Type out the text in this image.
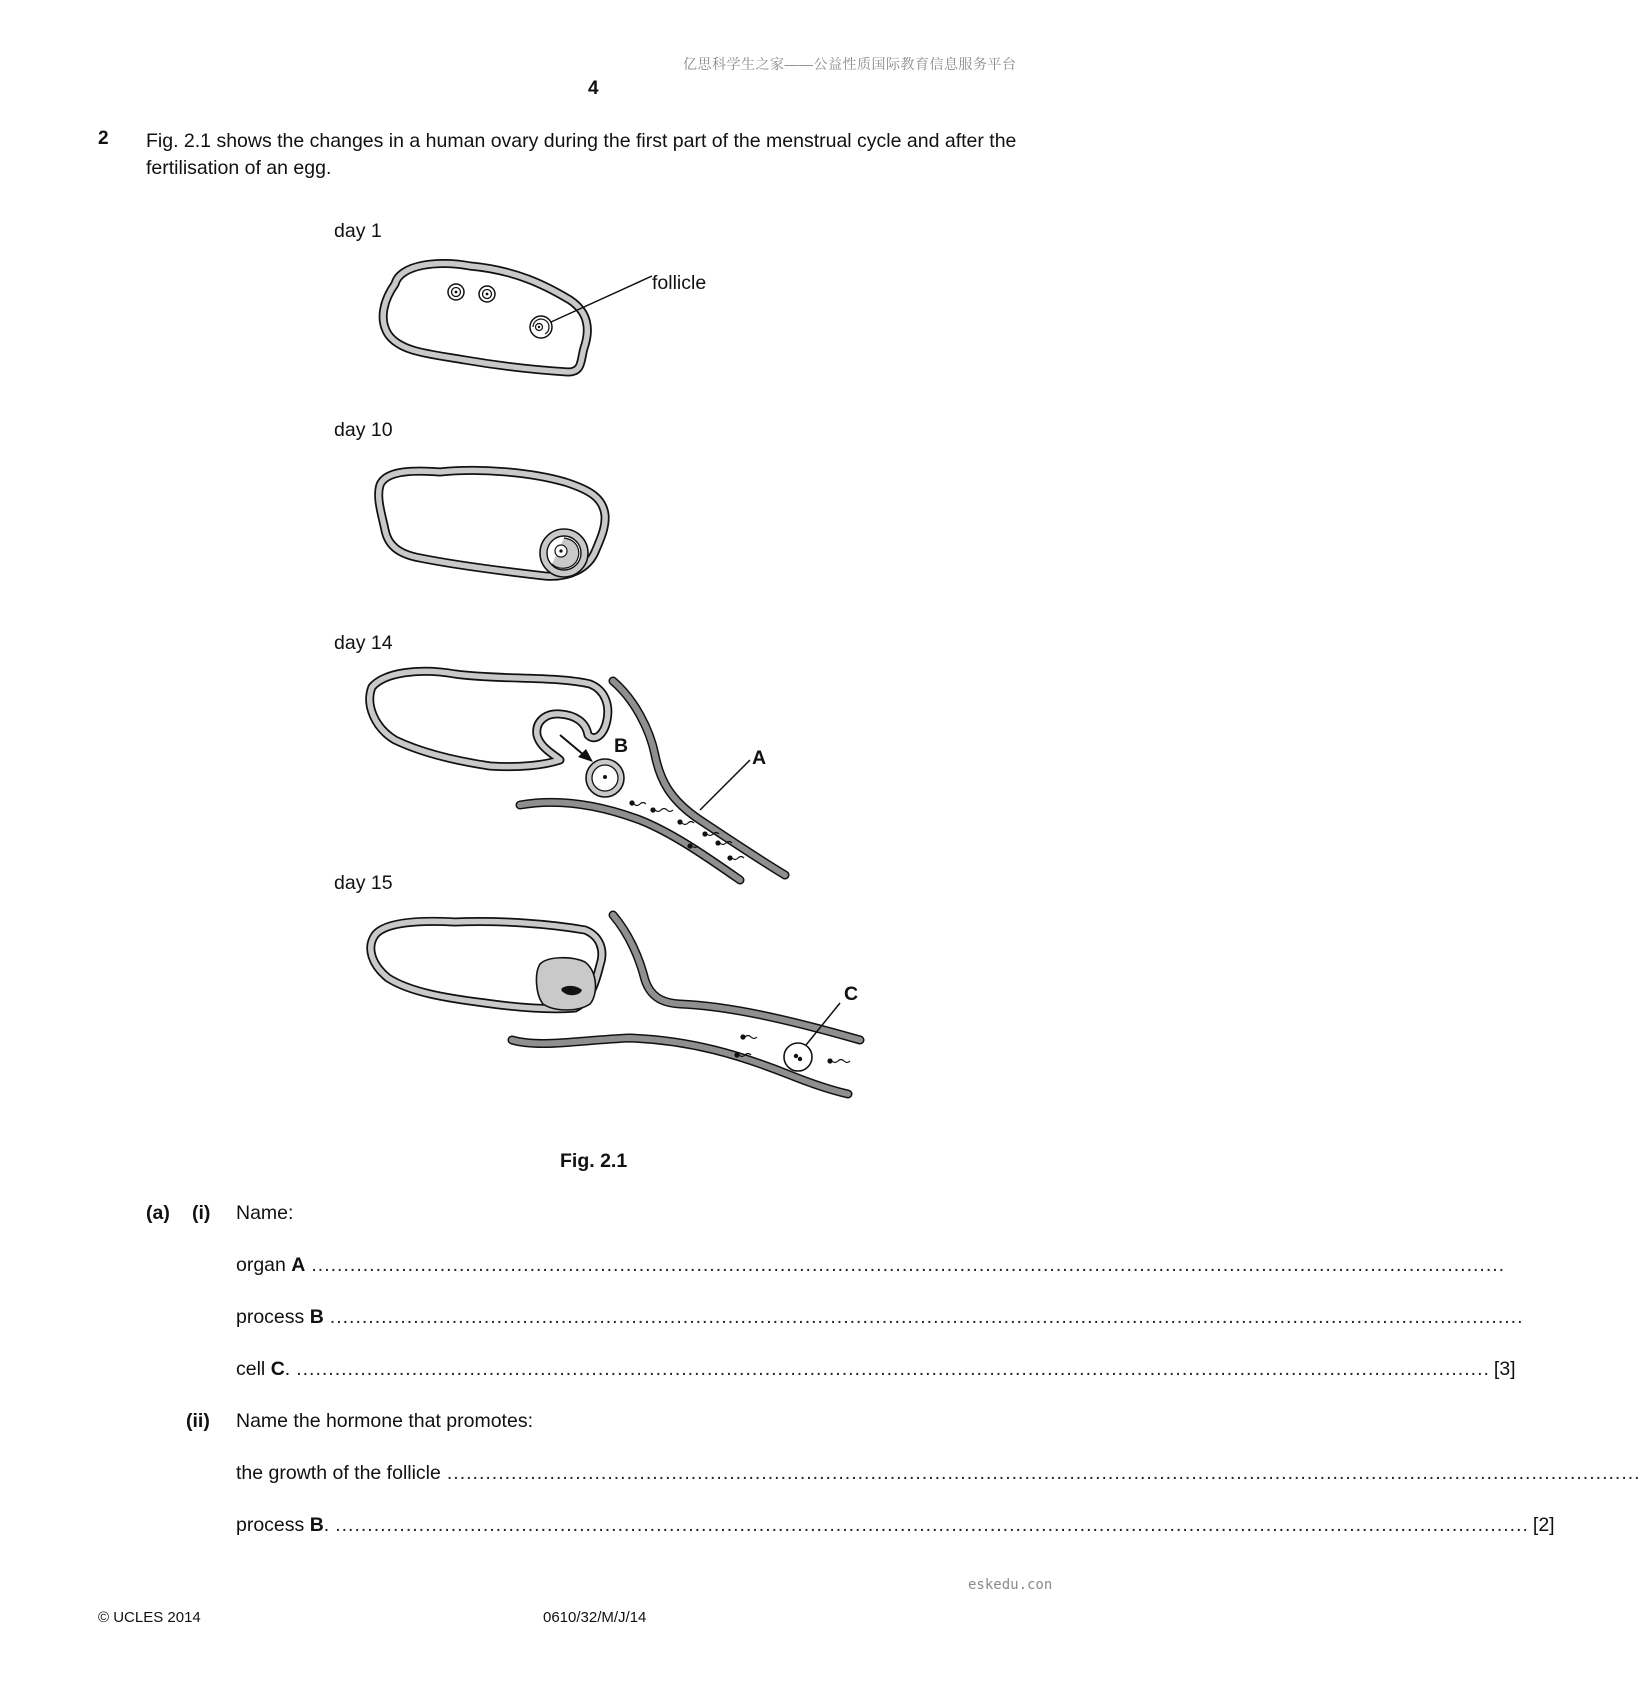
亿思科学生之家——公益性质国际教育信息服务平台
4
2 Fig. 2.1 shows the changes in a human ovary during the first part of the menstrual cycle and after the fertilisation of an egg.
day 1
day 10
day 14
day 15
follicle
B
A
C
Fig. 2.1
(a) (i) Name:
organ A ..........................................................................................................................................................................................
process B ..........................................................................................................................................................................................
cell C . .......................................................................................................................................................................................... [3]
(ii) Name the hormone that promotes:
the growth of the follicle ..........................................................................................................................................................................................
process B . .......................................................................................................................................................................................... [2]
eskedu.con
© UCLES 2014	0610/32/M/J/14
